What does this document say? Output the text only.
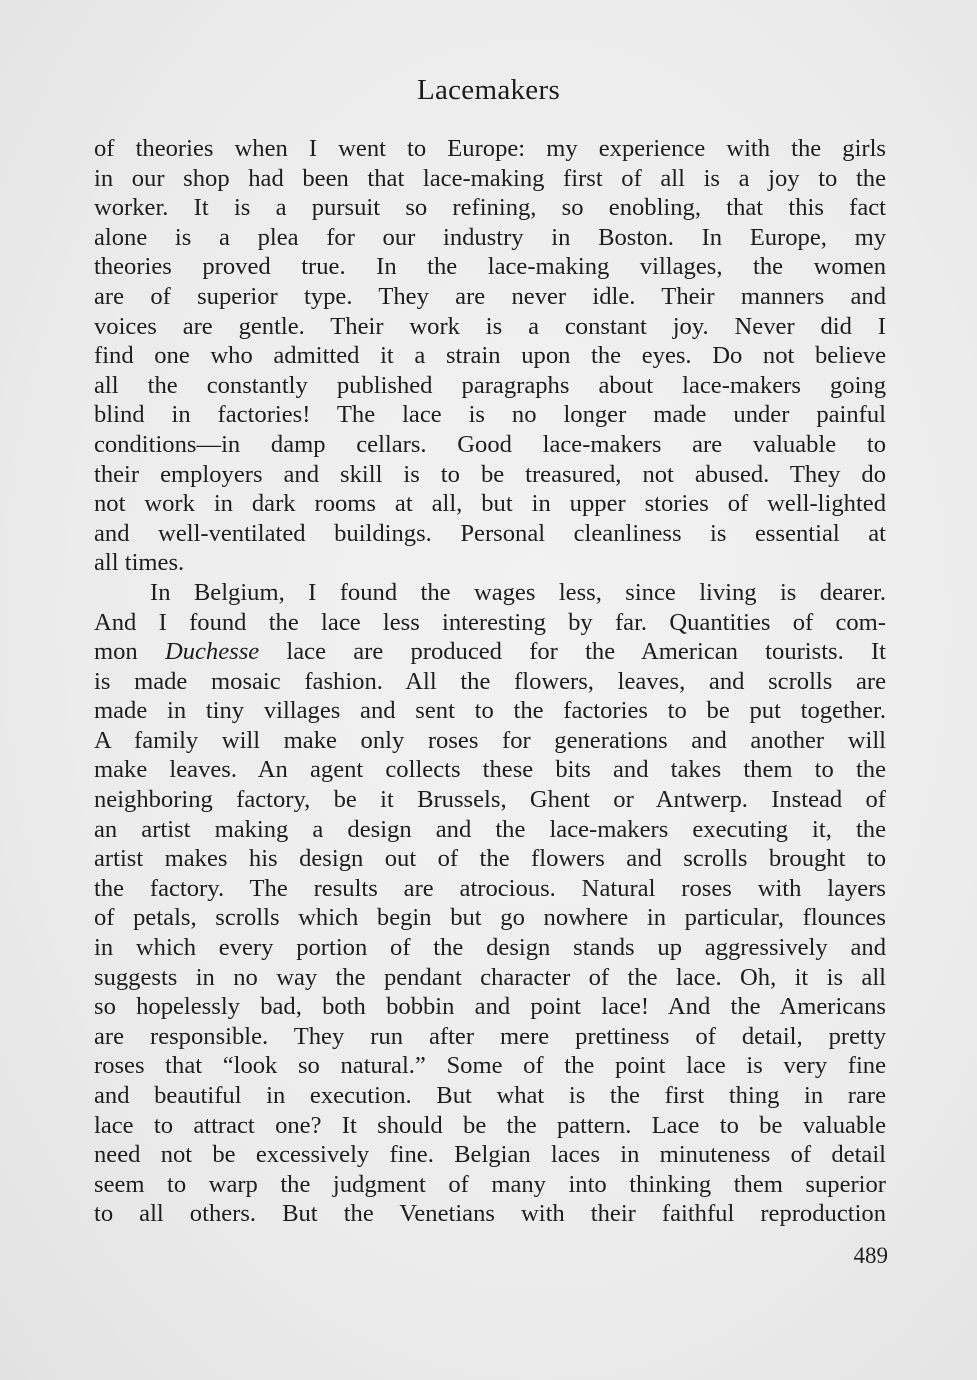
Lacemakers
of theories when I went to Europe: my experience with the girls
in our shop had been that lace-making first of all is a joy to the
worker. It is a pursuit so refining, so enobling, that this fact
alone is a plea for our industry in Boston. In Europe, my
theories proved true. In the lace-making villages, the women
are of superior type. They are never idle. Their manners and
voices are gentle. Their work is a constant joy. Never did I
find one who admitted it a strain upon the eyes. Do not believe
all the constantly published paragraphs about lace-makers going
blind in factories! The lace is no longer made under painful
conditions—in damp cellars. Good lace-makers are valuable to
their employers and skill is to be treasured, not abused. They do
not work in dark rooms at all, but in upper stories of well-lighted
and well-ventilated buildings. Personal cleanliness is essential at
all times.
In Belgium, I found the wages less, since living is dearer.
And I found the lace less interesting by far. Quantities of com-
mon Duchesse lace are produced for the American tourists. It
is made mosaic fashion. All the flowers, leaves, and scrolls are
made in tiny villages and sent to the factories to be put together.
A family will make only roses for generations and another will
make leaves. An agent collects these bits and takes them to the
neighboring factory, be it Brussels, Ghent or Antwerp. Instead of
an artist making a design and the lace-makers executing it, the
artist makes his design out of the flowers and scrolls brought to
the factory. The results are atrocious. Natural roses with layers
of petals, scrolls which begin but go nowhere in particular, flounces
in which every portion of the design stands up aggressively and
suggests in no way the pendant character of the lace. Oh, it is all
so hopelessly bad, both bobbin and point lace! And the Americans
are responsible. They run after mere prettiness of detail, pretty
roses that “look so natural.” Some of the point lace is very fine
and beautiful in execution. But what is the first thing in rare
lace to attract one? It should be the pattern. Lace to be valuable
need not be excessively fine. Belgian laces in minuteness of detail
seem to warp the judgment of many into thinking them superior
to all others. But the Venetians with their faithful reproduction
489
